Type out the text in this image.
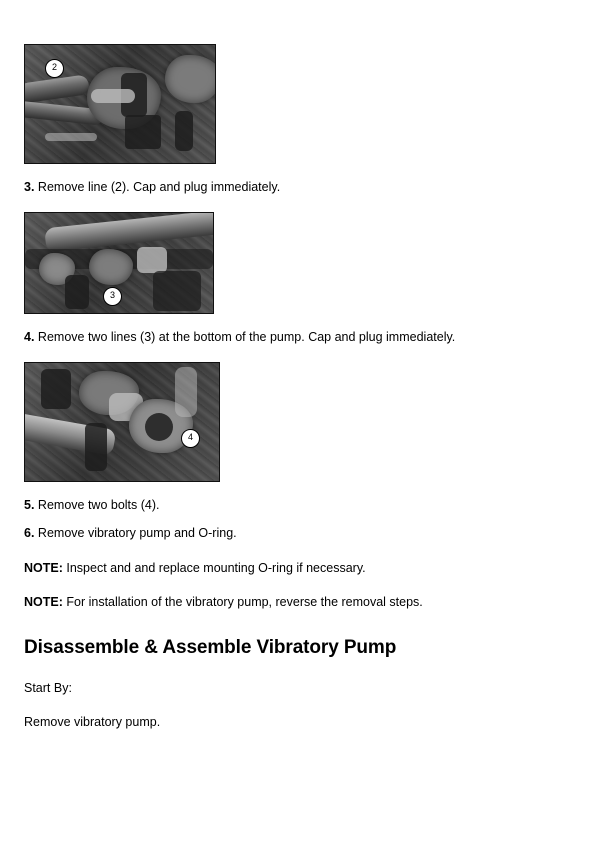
2

3. Remove line (2). Cap and plug immediately.

3

4. Remove two lines (3) at the bottom of the pump. Cap and plug immediately.

4

5. Remove two bolts (4).

6. Remove vibratory pump and O-ring.

NOTE: Inspect and and replace mounting O-ring if necessary.

NOTE: For installation of the vibratory pump, reverse the removal steps.

Disassemble & Assemble Vibratory Pump

Start By:

Remove vibratory pump.
